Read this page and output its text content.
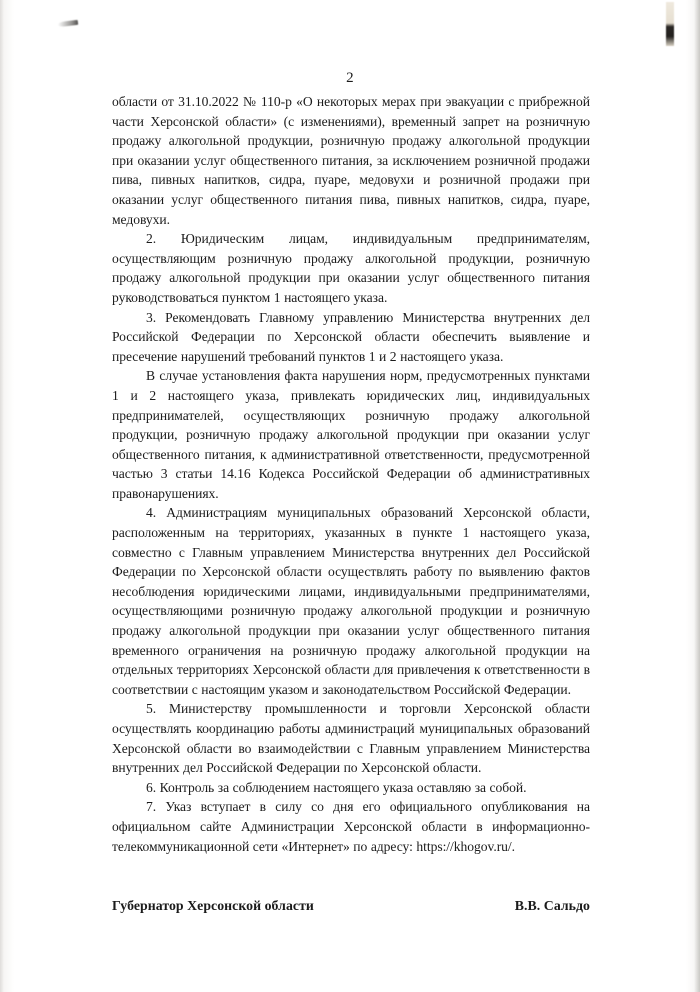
2

области от 31.10.2022 № 110-р «О некоторых мерах при эвакуации с прибрежной части Херсонской области» (с изменениями), временный запрет на розничную продажу алкогольной продукции, розничную продажу алкогольной продукции при оказании услуг общественного питания, за исключением розничной продажи пива, пивных напитков, сидра, пуаре, медовухи и розничной продажи при оказании услуг общественного питания пива, пивных напитков, сидра, пуаре, медовухи.

2. Юридическим лицам, индивидуальным предпринимателям, осуществляющим розничную продажу алкогольной продукции, розничную продажу алкогольной продукции при оказании услуг общественного питания руководствоваться пунктом 1 настоящего указа.

3. Рекомендовать Главному управлению Министерства внутренних дел Российской Федерации по Херсонской области обеспечить выявление и пресечение нарушений требований пунктов 1 и 2 настоящего указа.

В случае установления факта нарушения норм, предусмотренных пунктами 1 и 2 настоящего указа, привлекать юридических лиц, индивидуальных предпринимателей, осуществляющих розничную продажу алкогольной продукции, розничную продажу алкогольной продукции при оказании услуг общественного питания, к административной ответственности, предусмотренной частью 3 статьи 14.16 Кодекса Российской Федерации об административных правонарушениях.

4. Администрациям муниципальных образований Херсонской области, расположенным на территориях, указанных в пункте 1 настоящего указа, совместно с Главным управлением Министерства внутренних дел Российской Федерации по Херсонской области осуществлять работу по выявлению фактов несоблюдения юридическими лицами, индивидуальными предпринимателями, осуществляющими розничную продажу алкогольной продукции и розничную продажу алкогольной продукции при оказании услуг общественного питания временного ограничения на розничную продажу алкогольной продукции на отдельных территориях Херсонской области для привлечения к ответственности в соответствии с настоящим указом и законодательством Российской Федерации.

5. Министерству промышленности и торговли Херсонской области осуществлять координацию работы администраций муниципальных образований Херсонской области во взаимодействии с Главным управлением Министерства внутренних дел Российской Федерации по Херсонской области.

6. Контроль за соблюдением настоящего указа оставляю за собой.

7. Указ вступает в силу со дня его официального опубликования на официальном сайте Администрации Херсонской области в информационно-телекоммуникационной сети «Интернет» по адресу: https://khogov.ru/.

Губернатор Херсонской области	В.В. Сальдо
